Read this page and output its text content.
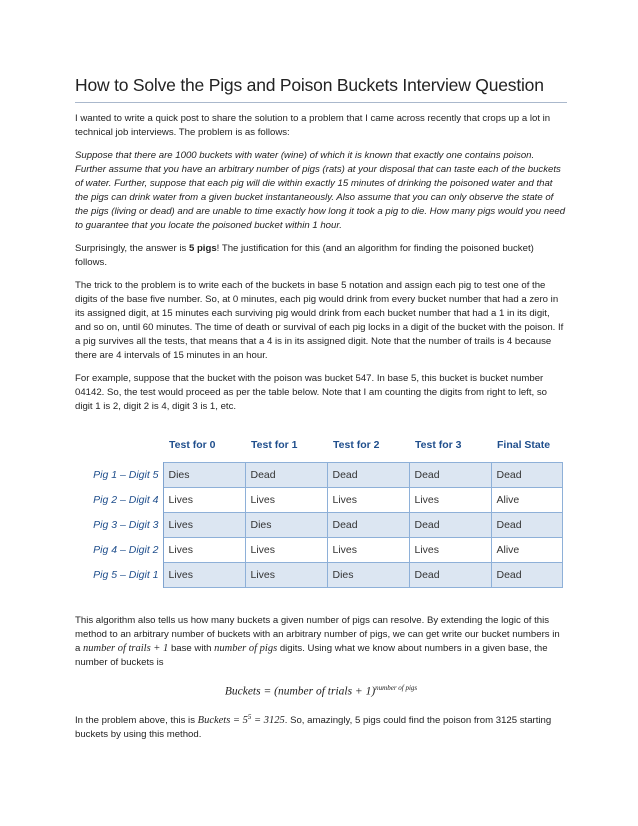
How to Solve the Pigs and Poison Buckets Interview Question

I wanted to write a quick post to share the solution to a problem that I came across recently that crops up a lot in technical job interviews. The problem is as follows:

Suppose that there are 1000 buckets with water (wine) of which it is known that exactly one contains poison. Further assume that you have an arbitrary number of pigs (rats) at your disposal that can taste each of the buckets of water. Further, suppose that each pig will die within exactly 15 minutes of drinking the poisoned water and that the pigs can drink water from a given bucket instantaneously. Also assume that you can only observe the state of the pigs (living or dead) and are unable to time exactly how long it took a pig to die. How many pigs would you need to guarantee that you locate the poisoned bucket within 1 hour.

Surprisingly, the answer is 5 pigs! The justification for this (and an algorithm for finding the poisoned bucket) follows.

The trick to the problem is to write each of the buckets in base 5 notation and assign each pig to test one of the digits of the base five number. So, at 0 minutes, each pig would drink from every bucket number that had a zero in its assigned digit, at 15 minutes each surviving pig would drink from each bucket number that had a 1 in its digit, and so on, until 60 minutes. The time of death or survival of each pig locks in a digit of the bucket with the poison. If a pig survives all the tests, that means that a 4 is in its assigned digit. Note that the number of trails is 4 because there are 4 intervals of 15 minutes in an hour.

For example, suppose that the bucket with the poison was bucket 547. In base 5, this bucket is bucket number 04142. So, the test would proceed as per the table below. Note that I am counting the digits from right to left, so digit 1 is 2, digit 2 is 4, digit 3 is 1, etc.

	Test for 0	Test for 1	Test for 2	Test for 3	Final State
Pig 1 – Digit 5	Dies	Dead	Dead	Dead	Dead
Pig 2 – Digit 4	Lives	Lives	Lives	Lives	Alive
Pig 3 – Digit 3	Lives	Dies	Dead	Dead	Dead
Pig 4 – Digit 2	Lives	Lives	Lives	Lives	Alive
Pig 5 – Digit 1	Lives	Lives	Dies	Dead	Dead

This algorithm also tells us how many buckets a given number of pigs can resolve. By extending the logic of this method to an arbitrary number of buckets with an arbitrary number of pigs, we can get write our bucket numbers in a number of trails + 1 base with number of pigs digits. Using what we know about numbers in a given base, the number of buckets is

Buckets = (number of trials + 1)$^{number of pigs}$

In the problem above, this is Buckets = $5^5 = 3125$. So, amazingly, 5 pigs could find the poison from 3125 starting buckets by using this method.
